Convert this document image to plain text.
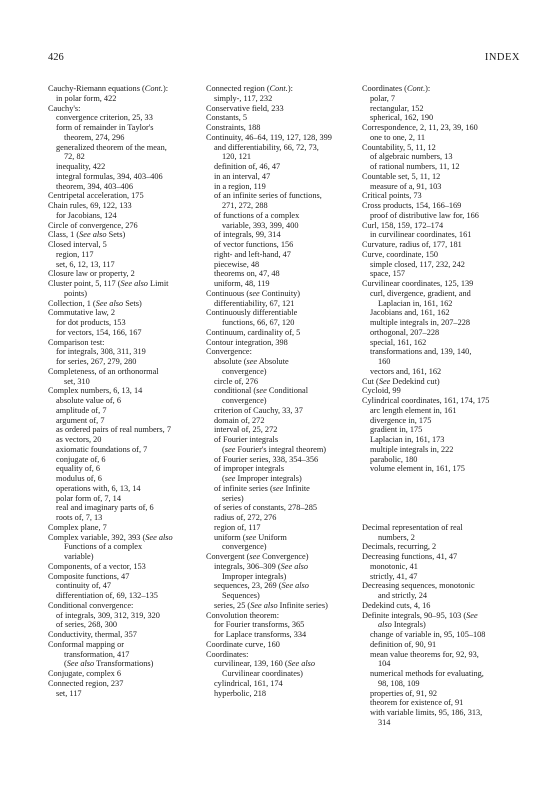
426	INDEX
Cauchy-Riemann equations (Cont.):
in polar form, 422
Cauchy's:
convergence criterion, 25, 33
form of remainder in Taylor's
theorem, 274, 296
generalized theorem of the mean,
72, 82
inequality, 422
integral formulas, 394, 403–406
theorem, 394, 403–406
Centripetal acceleration, 175
Chain rules, 69, 122, 133
for Jacobians, 124
Circle of convergence, 276
Class, 1 (See also Sets)
Closed interval, 5
region, 117
set, 6, 12, 13, 117
Closure law or property, 2
Cluster point, 5, 117 (See also Limit
points)
Collection, 1 (See also Sets)
Commutative law, 2
for dot products, 153
for vectors, 154, 166, 167
Comparison test:
for integrals, 308, 311, 319
for series, 267, 279, 280
Completeness, of an orthonormal
set, 310
Complex numbers, 6, 13, 14
absolute value of, 6
amplitude of, 7
argument of, 7
as ordered pairs of real numbers, 7
as vectors, 20
axiomatic foundations of, 7
conjugate of, 6
equality of, 6
modulus of, 6
operations with, 6, 13, 14
polar form of, 7, 14
real and imaginary parts of, 6
roots of, 7, 13
Complex plane, 7
Complex variable, 392, 393 (See also
Functions of a complex
variable)
Components, of a vector, 153
Composite functions, 47
continuity of, 47
differentiation of, 69, 132–135
Conditional convergence:
of integrals, 309, 312, 319, 320
of series, 268, 300
Conductivity, thermal, 357
Conformal mapping or
transformation, 417
(See also Transformations)
Conjugate, complex 6
Connected region, 237
set, 117
Connected region (Cont.):
simply-, 117, 232
Conservative field, 233
Constants, 5
Constraints, 188
Continuity, 46–64, 119, 127, 128, 399
and differentiability, 66, 72, 73,
120, 121
definition of, 46, 47
in an interval, 47
in a region, 119
of an infinite series of functions,
271, 272, 288
of functions of a complex
variable, 393, 399, 400
of integrals, 99, 314
of vector functions, 156
right- and left-hand, 47
piecewise, 48
theorems on, 47, 48
uniform, 48, 119
Continuous (see Continuity)
differentiability, 67, 121
Continuously differentiable
functions, 66, 67, 120
Continuum, cardinality of, 5
Contour integration, 398
Convergence:
absolute (see Absolute
convergence)
circle of, 276
conditional (see Conditional
convergence)
criterion of Cauchy, 33, 37
domain of, 272
interval of, 25, 272
of Fourier integrals
(see Fourier's integral theorem)
of Fourier series, 338, 354–356
of improper integrals
(see Improper integrals)
of infinite series (see Infinite
series)
of series of constants, 278–285
radius of, 272, 276
region of, 117
uniform (see Uniform
convergence)
Convergent (see Convergence)
integrals, 306–309 (See also
Improper integrals)
sequences, 23, 269 (See also
Sequences)
series, 25 (See also Infinite series)
Convolution theorem:
for Fourier transforms, 365
for Laplace transforms, 334
Coordinate curve, 160
Coordinates:
curvilinear, 139, 160 (See also
Curvilinear coordinates)
cylindrical, 161, 174
hyperbolic, 218
Coordinates (Cont.):
polar, 7
rectangular, 152
spherical, 162, 190
Correspondence, 2, 11, 23, 39, 160
one to one, 2, 11
Countability, 5, 11, 12
of algebraic numbers, 13
of rational numbers, 11, 12
Countable set, 5, 11, 12
measure of a, 91, 103
Critical points, 73
Cross products, 154, 166–169
proof of distributive law for, 166
Curl, 158, 159, 172–174
in curvilinear coordinates, 161
Curvature, radius of, 177, 181
Curve, coordinate, 150
simple closed, 117, 232, 242
space, 157
Curvilinear coordinates, 125, 139
curl, divergence, gradient, and
Laplacian in, 161, 162
Jacobians and, 161, 162
multiple integrals in, 207–228
orthogonal, 207–228
special, 161, 162
transformations and, 139, 140,
160
vectors and, 161, 162
Cut (See Dedekind cut)
Cycloid, 99
Cylindrical coordinates, 161, 174, 175
arc length element in, 161
divergence in, 175
gradient in, 175
Laplacian in, 161, 173
multiple integrals in, 222
parabolic, 180
volume element in, 161, 175
Decimal representation of real
numbers, 2
Decimals, recurring, 2
Decreasing functions, 41, 47
monotonic, 41
strictly, 41, 47
Decreasing sequences, monotonic
and strictly, 24
Dedekind cuts, 4, 16
Definite integrals, 90–95, 103 (See
also Integrals)
change of variable in, 95, 105–108
definition of, 90, 91
mean value theorems for, 92, 93,
104
numerical methods for evaluating,
98, 108, 109
properties of, 91, 92
theorem for existence of, 91
with variable limits, 95, 186, 313,
314
